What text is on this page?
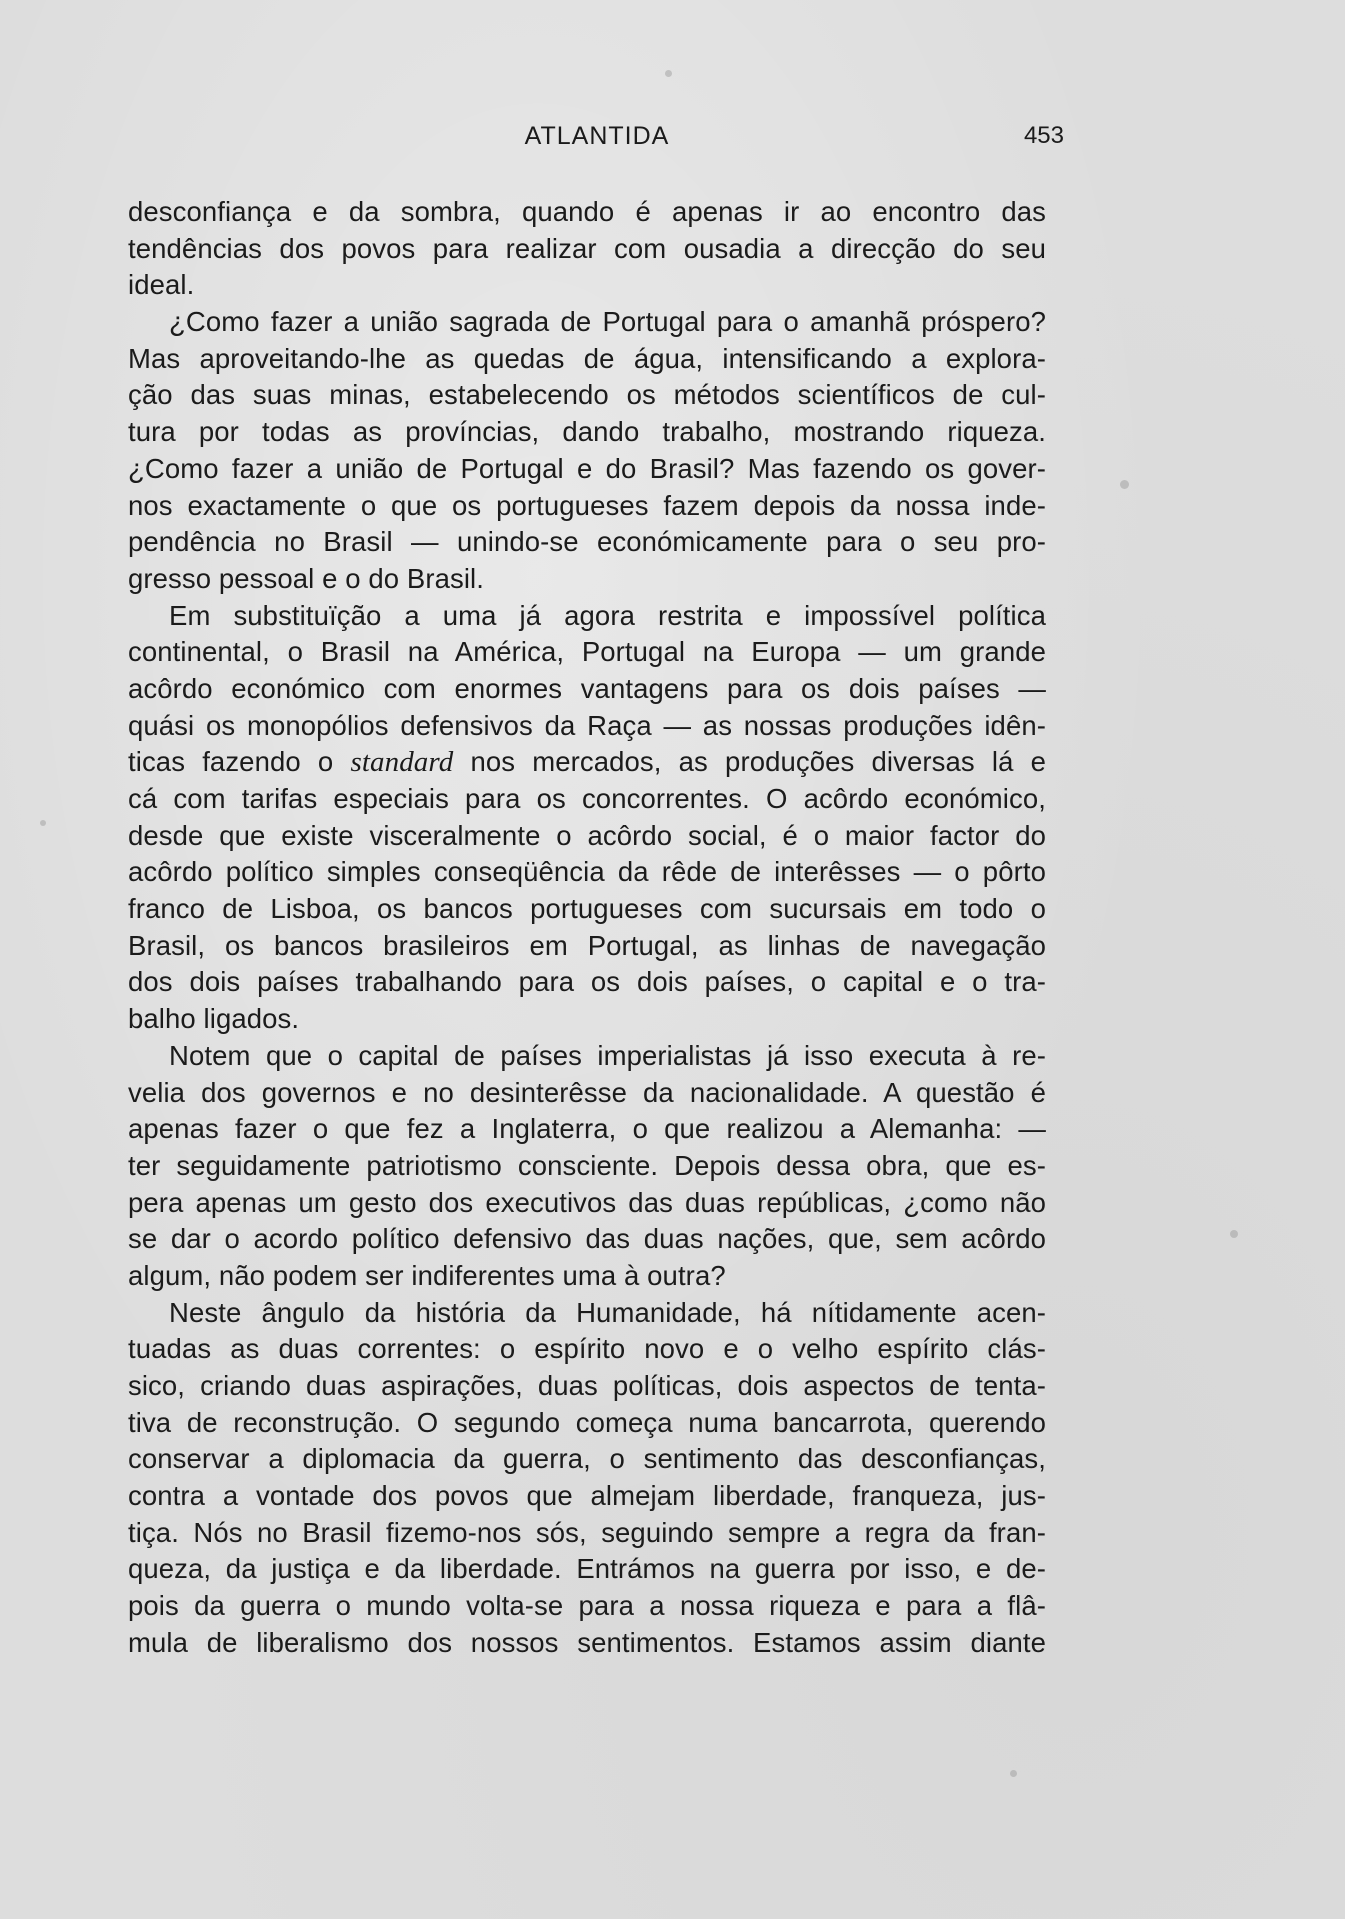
ATLANTIDA	453
desconfiança e da sombra, quando é apenas ir ao encontro das
tendências dos povos para realizar com ousadia a direcção do seu
ideal.
¿Como fazer a união sagrada de Portugal para o amanhã próspero?
Mas aproveitando-lhe as quedas de água, intensificando a explora-
ção das suas minas, estabelecendo os métodos scientíficos de cul-
tura por todas as províncias, dando trabalho, mostrando riqueza.
¿Como fazer a união de Portugal e do Brasil? Mas fazendo os gover-
nos exactamente o que os portugueses fazem depois da nossa inde-
pendência no Brasil — unindo-se económicamente para o seu pro-
gresso pessoal e o do Brasil.
Em substituïção a uma já agora restrita e impossível política
continental, o Brasil na América, Portugal na Europa — um grande
acôrdo económico com enormes vantagens para os dois países —
quási os monopólios defensivos da Raça — as nossas produções idên-
ticas fazendo o standard nos mercados, as produções diversas lá e
cá com tarifas especiais para os concorrentes. O acôrdo económico,
desde que existe visceralmente o acôrdo social, é o maior factor do
acôrdo político simples conseqüência da rêde de interêsses — o pôrto
franco de Lisboa, os bancos portugueses com sucursais em todo o
Brasil, os bancos brasileiros em Portugal, as linhas de navegação
dos dois países trabalhando para os dois países, o capital e o tra-
balho ligados.
Notem que o capital de países imperialistas já isso executa à re-
velia dos governos e no desinterêsse da nacionalidade. A questão é
apenas fazer o que fez a Inglaterra, o que realizou a Alemanha: —
ter seguidamente patriotismo consciente. Depois dessa obra, que es-
pera apenas um gesto dos executivos das duas repúblicas, ¿como não
se dar o acordo político defensivo das duas nações, que, sem acôrdo
algum, não podem ser indiferentes uma à outra?
Neste ângulo da história da Humanidade, há nítidamente acen-
tuadas as duas correntes: o espírito novo e o velho espírito clás-
sico, criando duas aspirações, duas políticas, dois aspectos de tenta-
tiva de reconstrução. O segundo começa numa bancarrota, querendo
conservar a diplomacia da guerra, o sentimento das desconfianças,
contra a vontade dos povos que almejam liberdade, franqueza, jus-
tiça. Nós no Brasil fizemo-nos sós, seguindo sempre a regra da fran-
queza, da justiça e da liberdade. Entrámos na guerra por isso, e de-
pois da guerra o mundo volta-se para a nossa riqueza e para a flâ-
mula de liberalismo dos nossos sentimentos. Estamos assim diante
